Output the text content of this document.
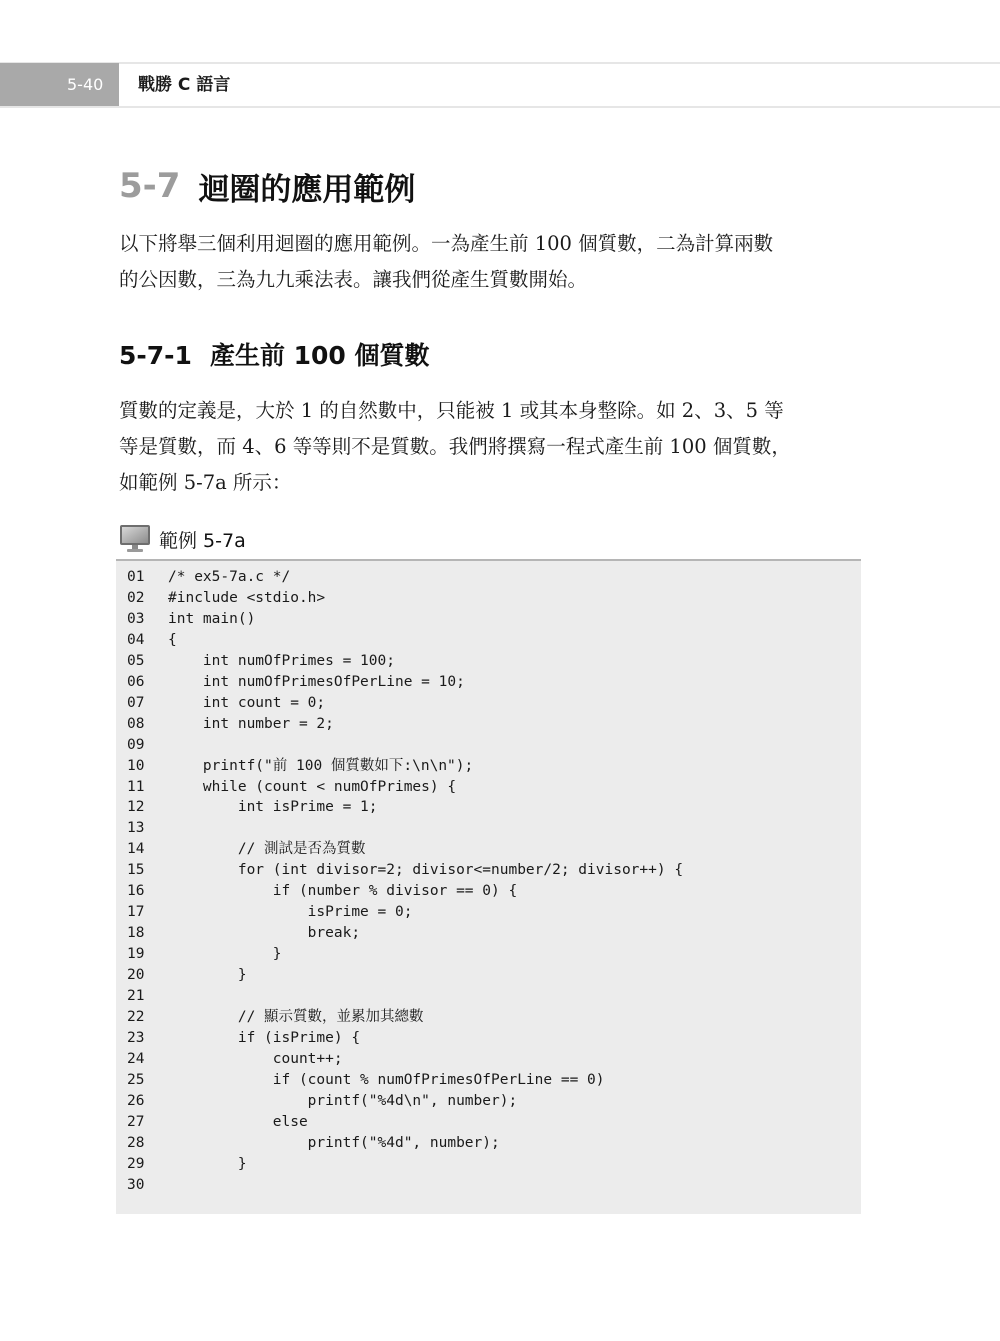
5-40	戰勝 C 語言
5-7 迴圈的應用範例
以下將舉三個利用迴圈的應用範例。一為產生前 100 個質數，二為計算兩數
的公因數，三為九九乘法表。讓我們從產生質數開始。
5-7-1 產生前 100 個質數
質數的定義是，大於 1 的自然數中，只能被 1 或其本身整除。如 2、3、5 等
等是質數，而 4、6 等等則不是質數。我們將撰寫一程式產生前 100 個質數，
如範例 5-7a 所示：
範例 5-7a
01	/* ex5-7a.c */
02	#include <stdio.h>
03	int main()
04	{
05	int numOfPrimes = 100;
06	int numOfPrimesOfPerLine = 10;
07	int count = 0;
08	int number = 2;
09
10	printf("前 100 個質數如下:\n\n");
11	while (count < numOfPrimes) {
12	int isPrime = 1;
13
14	// 測試是否為質數
15	for (int divisor=2; divisor<=number/2; divisor++) {
16	if (number % divisor == 0) {
17	isPrime = 0;
18	break;
19	}
20	}
21
22	// 顯示質數，並累加其總數
23	if (isPrime) {
24	count++;
25	if (count % numOfPrimesOfPerLine == 0)
26	printf("%4d\n", number);
27	else
28	printf("%4d", number);
29	}
30
